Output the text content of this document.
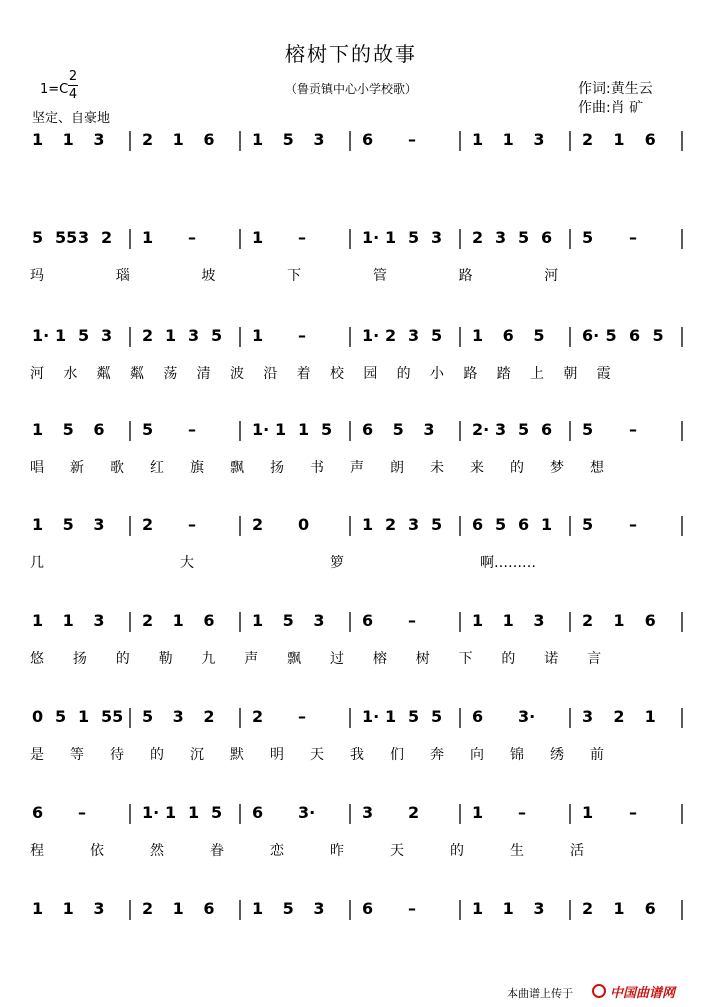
榕树下的故事
（鲁贡镇中心小学校歌）
1=C
2
4
坚定、自豪地
作词:黄生云
作曲:肖 矿
1 1 3 2 1 6 1 5 3 6 –	1 1 3 2 1 6
5 55 3 2 1 –	1 –	1· 1 5 3 2 3 5 6 5 –
玛	瑙	坡	下	管	路	河
1· 1 5 3 2 1 3 5 1 –	1· 2 3 5 1 6 5 6· 5 6 5
河 水 粼 粼 荡 清 波 沿 着 校 园 的 小 路 踏 上 朝 霞
1 5 6 5 –	1· 1 1 5 6 5 3 2· 3 5 6 5 –
唱 新 歌 红 旗 飘 扬 书 声 朗 未 来 的 梦 想
1 5 3 2 –	2 0	1 2 3 5 6 5 6 1 5 –
几	大	箩	啊………
1 1 3 2 1 6 1 5 3 6 –	1 1 3 2 1 6
悠 扬 的 勒 九 声 飘 过 榕 树 下 的 诺 言
0 5 1 55 5 3 2 2 –	1· 1 5 5 6 3·	3 2 1
是 等 待 的 沉 默 明 天 我 们 奔 向 锦 绣 前
6 –	1· 1 1 5 6 3·	3 2	1 –	1 –
程	依	然	眷	恋	昨	天	的	生	活
1 1 3 2 1 6 1 5 3 6 –	1 1 3 2 1 6
本曲谱上传于	中国曲谱网
